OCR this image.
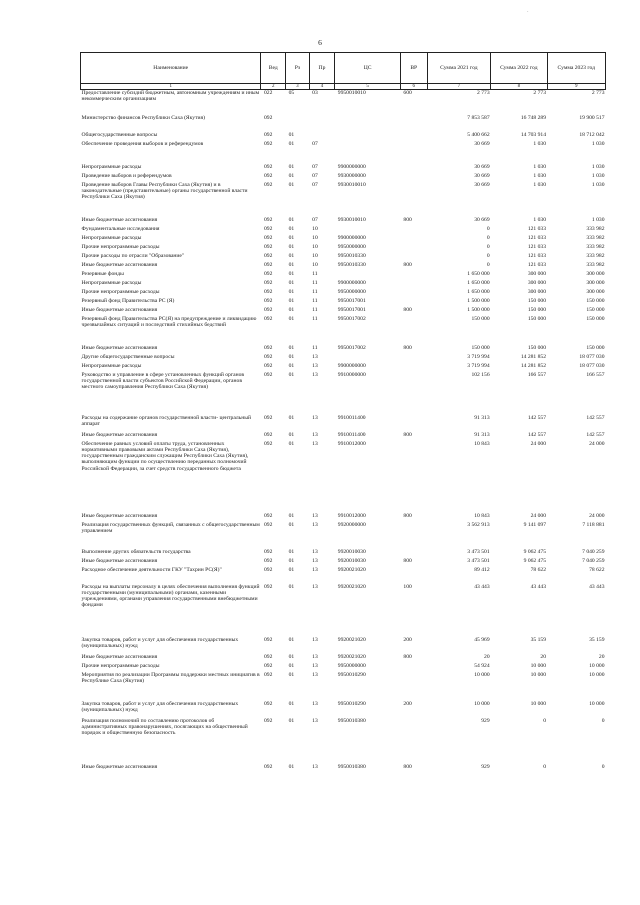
6
·
Наименование	Вед	Рз	Пр	ЦС	ВР	Сумма 2021 год	Сумма 2022 год	Сумма 2023 год
1	2	3	4	5	6	7	8	9
Предоставление субсидий бюджетным, автономным учреждениям и иным некоммерческим организациям	022	05	03	9950010010	600	2 773	2 773	2 773

Министерство финансов Республики Саха (Якутия)	092					7 853 587	16 748 289	19 900 517
Общегосударственные вопросы	092	01				5 400 662	14 703 914	18 712 042
Обеспечение проведения выборов и референдумов	092	01	07			30 669	1 030	1 030

Непрограммные расходы	092	01	07	9900000000		30 669	1 030	1 030
Проведение выборов и референдумов	092	01	07	9930000000		30 669	1 030	1 030
Проведение выборов Главы Республики Саха (Якутия) и в законодательные (представительные) органы государственной власти Республики Саха (Якутия)	092	01	07	9930010010		30 669	1 030	1 030

Иные бюджетные ассигнования	092	01	07	9930010010	800	30 669	1 030	1 030
Фундаментальные исследования	092	01	10			0	121 033	333 982
Непрограммные расходы	092	01	10	9900000000		0	121 033	333 982
Прочие непрограммные расходы	092	01	10	9950000000		0	121 033	333 982
Прочие расходы по отрасли "Образование"	092	01	10	9950010330		0	121 033	333 982
Иные бюджетные ассигнования	092	01	10	9950010330	800	0	121 033	333 982
Резервные фонды	092	01	11			1 650 000	300 000	300 000
Непрограммные расходы	092	01	11	9900000000		1 650 000	300 000	300 000
Прочие непрограммные расходы	092	01	11	9950000000		1 650 000	300 000	300 000
Резервный фонд Правительства РС (Я)	092	01	11	9950017001		1 500 000	150 000	150 000
Иные бюджетные ассигнования	092	01	11	9950017001	800	1 500 000	150 000	150 000
Резервный фонд Правительства РС(Я) на предупреждение и ликвидацию чрезвычайных ситуаций и последствий стихийных бедствий	092	01	11	9950017002		150 000	150 000	150 000

Иные бюджетные ассигнования	092	01	11	9950017002	800	150 000	150 000	150 000
Другие общегосударственные вопросы	092	01	13			3 719 994	14 281 852	18 077 030
Непрограммные расходы	092	01	13	9900000000		3 719 994	14 281 852	18 077 030
Руководство и управление в сфере установленных функций органов государственной власти субъектов Российской Федерации, органов местного самоуправления Республики Саха (Якутия)	092	01	13	9910000000		102 156	166 557	166 557

Расходы на содержание органов государственной власти- центральный аппарат	092	01	13	9910011400		91 313	142 557	142 557
Иные бюджетные ассигнования	092	01	13	9910011400	800	91 313	142 557	142 557
Обеспечение равных условий оплаты труда, установленных нормативными правовыми актами Республики Саха (Якутия), государственным гражданским служащим Республики Саха (Якутия), выполняющим функции по осуществлению переданных полномочий Российской Федерации, за счет средств государственного бюджета	092	01	13	9910012000		10 843	24 000	24 000

Иные бюджетные ассигнования	092	01	13	9910012000	800	10 843	24 000	24 000
Реализация государственных функций, связанных с общегосударственным управлением	092	01	13	9920000000		3 562 913	9 141 097	7 118 881

Выполнение других обязательств государства	092	01	13	9920010030		3 473 501	9 062 475	7 040 259
Иные бюджетные ассигнования	092	01	13	9920010030	800	3 473 501	9 062 475	7 040 259
Расходное обеспечение деятельности ГКУ "Тахрин РС(Я)"	092	01	13	9920021020		89 412	78 622	78 622
Расходы на выплаты персоналу в целях обеспечения выполнения функций государственными (муниципальными) органами, казенными учреждениями, органами управления государственными внебюджетными фондами	092	01	13	9920021020	100	43 443	43 443	43 443

Закупка товаров, работ и услуг для обеспечения государственных (муниципальных) нужд	092	01	13	9920021020	200	45 969	35 159	35 159
Иные бюджетные ассигнования	092	01	13	9920021020	800	20	20	20
Прочие непрограммные расходы	092	01	13	9950000000		54 924	10 000	10 000
Мероприятия по реализации Программы поддержки местных инициатив в Республике Саха (Якутия)	092	01	13	9950010290		10 000	10 000	10 000

Закупка товаров, работ и услуг для обеспечения государственных (муниципальных) нужд	092	01	13	9950010290	200	10 000	10 000	10 000
Реализация полномочий по составлению протоколов об административных правонарушениях, посягающих на общественный порядок и общественную безопасность	092	01	13	9950010380		929	0	0

Иные бюджетные ассигнования	092	01	13	9950010380	800	929	0	0
